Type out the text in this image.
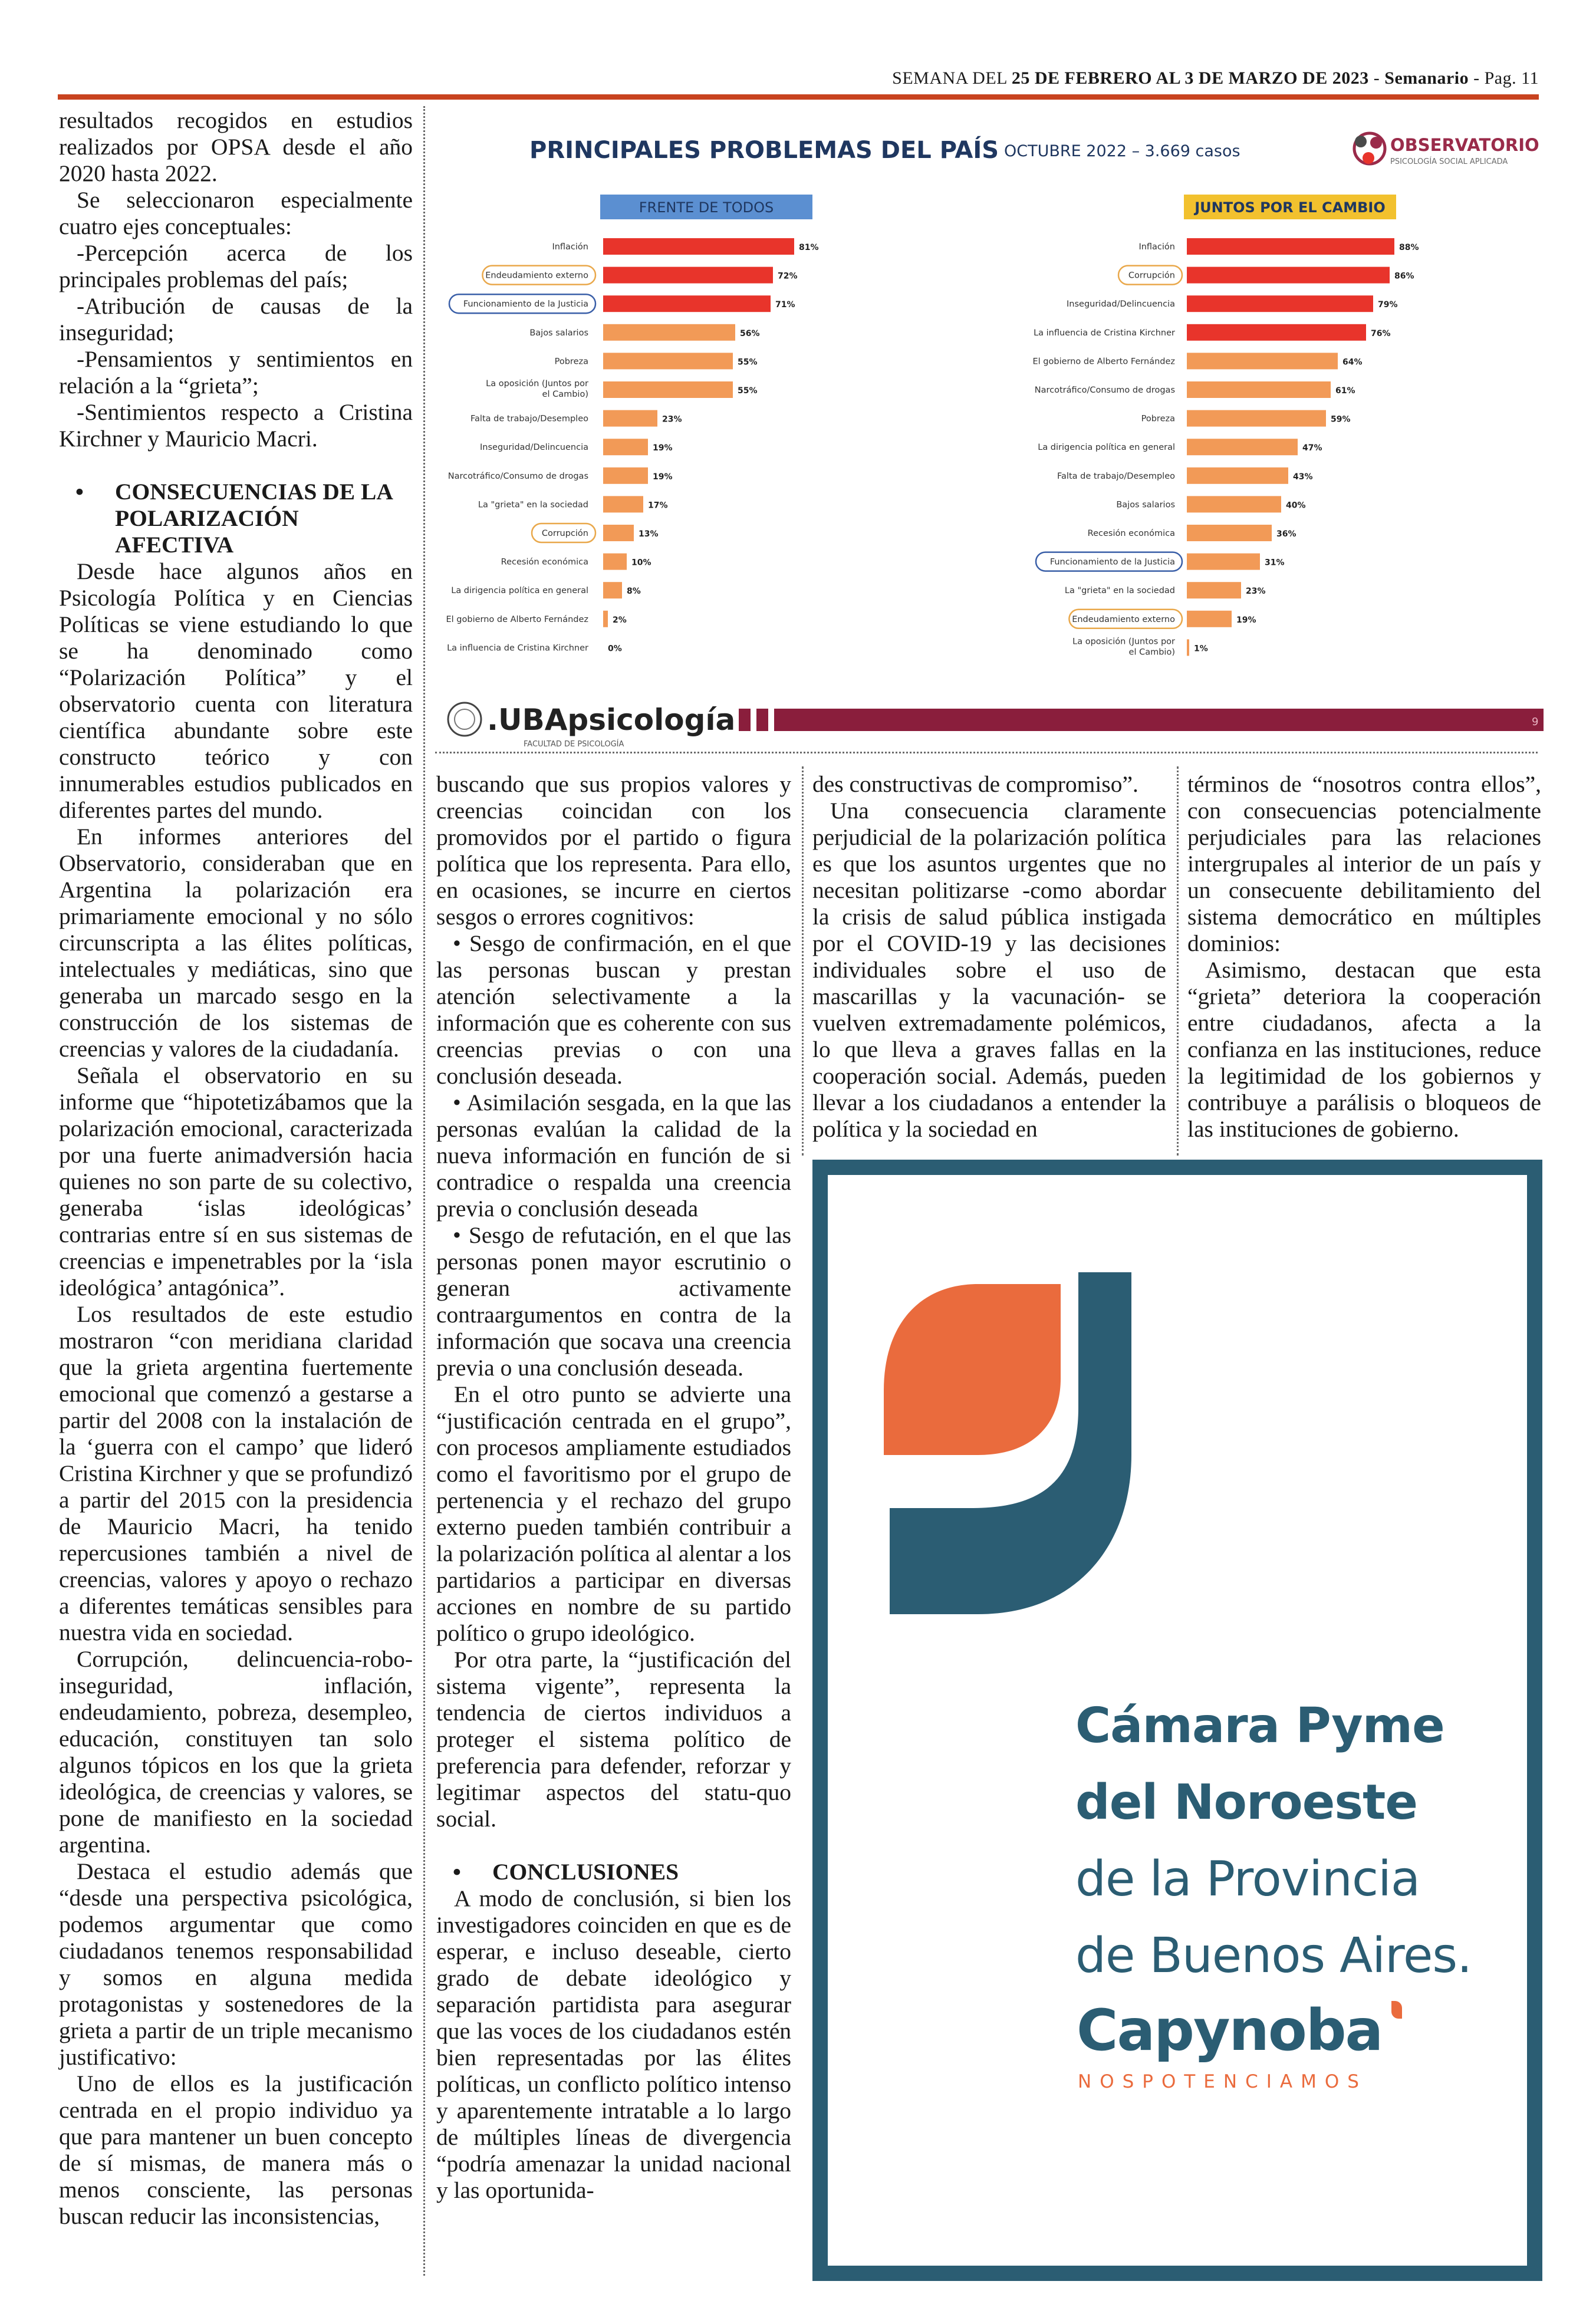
SEMANA DEL 25 DE FEBRERO AL 3 DE MARZO DE 2023 - Semanario - Pag. 11

resultados recogidos en estudios realizados por OPSA desde el año 2020 hasta 2022.

Se seleccionaron especialmente cuatro ejes conceptuales:

-Percepción acerca de los principales problemas del país;

-Atribución de causas de la inseguridad;

-Pensamientos y sentimientos en relación a la “grieta”;

-Sentimientos respecto a Cristina Kirchner y Mauricio Macri.

• CONSECUENCIAS DE LA POLARIZACIÓN AFECTIVA

Desde hace algunos años en Psicología Política y en Ciencias Políticas se viene estudiando lo que se ha denominado como “Polarización Política” y el observatorio cuenta con literatura científica abundante sobre este constructo teórico y con innumerables estudios publicados en diferentes partes del mundo.

En informes anteriores del Observatorio, consideraban que en Argentina la polarización era primariamente emocional y no sólo circunscripta a las élites políticas, intelectuales y mediáticas, sino que generaba un marcado sesgo en la construcción de los sistemas de creencias y valores de la ciudadanía.

Señala el observatorio en su informe que “hipotetizábamos que la polarización emocional, caracterizada por una fuerte animadversión hacia quienes no son parte de su colectivo, generaba ‘islas ideológicas’ contrarias entre sí en sus sistemas de creencias e impenetrables por la ‘isla ideológica’ antagónica”.

Los resultados de este estudio mostraron “con meridiana claridad que la grieta argentina fuertemente emocional que comenzó a gestarse a partir del 2008 con la instalación de la ‘guerra con el campo’ que lideró Cristina Kirchner y que se profundizó a partir del 2015 con la presidencia de Mauricio Macri, ha tenido repercusiones también a nivel de creencias, valores y apoyo o rechazo a diferentes temáticas sensibles para nuestra vida en sociedad.

Corrupción, delincuencia-robo-inseguridad, inflación, endeudamiento, pobreza, desempleo, educación, constituyen tan solo algunos tópicos en los que la grieta ideológica, de creencias y valores, se pone de manifiesto en la sociedad argentina.

Destaca el estudio además que “desde una perspectiva psicológica, podemos argumentar que como ciudadanos tenemos responsabilidad y somos en alguna medida protagonistas y sostenedores de la grieta a partir de un triple mecanismo justificativo:

Uno de ellos es la justificación centrada en el propio individuo ya que para mantener un buen concepto de sí mismas, de manera más o menos consciente, las personas buscan reducir las inconsistencias,

PRINCIPALES PROBLEMAS DEL PAÍS OCTUBRE 2022 – 3.669 casos	OBSERVATORIO
PSICOLOGÍA SOCIAL APLICADA
FRENTE DE TODOS
Inflación	81%
Endeudamiento externo	72%
Funcionamiento de la Justicia	71%
Bajos salarios	56%
Pobreza	55%
La oposición (Juntos por el Cambio)	55%
Falta de trabajo/Desempleo	23%
Inseguridad/Delincuencia	19%
Narcotráfico/Consumo de drogas	19%
La "grieta" en la sociedad	17%
Corrupción	13%
Recesión económica	10%
La dirigencia política en general	8%
El gobierno de Alberto Fernández	2%
La influencia de Cristina Kirchner 0%
JUNTOS POR EL CAMBIO
Inflación	88%
Corrupción	86%
Inseguridad/Delincuencia	79%
La influencia de Cristina Kirchner	76%
El gobierno de Alberto Fernández	64%
Narcotráfico/Consumo de drogas	61%
Pobreza	59%
La dirigencia política en general	47%
Falta de trabajo/Desempleo	43%
Bajos salarios	40%
Recesión económica	36%
Funcionamiento de la Justicia	31%
La "grieta" en la sociedad	23%
Endeudamiento externo	19%
La oposición (Juntos por el Cambio) 1%
.UBApsicología
FACULTAD DE PSICOLOGÍA
9

buscando que sus propios valores y creencias coincidan con los promovidos por el partido o figura política que los representa. Para ello, en ocasiones, se incurre en ciertos sesgos o errores cognitivos:

• Sesgo de confirmación, en el que las personas buscan y prestan atención selectivamente a la información que es coherente con sus creencias previas o con una conclusión deseada.

• Asimilación sesgada, en la que las personas evalúan la calidad de la nueva información en función de si contradice o respalda una creencia previa o conclusión deseada

• Sesgo de refutación, en el que las personas ponen mayor escrutinio o generan activamente contraargumentos en contra de la información que socava una creencia previa o una conclusión deseada.

En el otro punto se advierte una “justificación centrada en el grupo”, con procesos ampliamente estudiados como el favoritismo por el grupo de pertenencia y el rechazo del grupo externo pueden también contribuir a la polarización política al alentar a los partidarios a participar en diversas acciones en nombre de su partido político o grupo ideológico.

Por otra parte, la “justificación del sistema vigente”, representa la tendencia de ciertos individuos a proteger el sistema político de preferencia para defender, reforzar y legitimar aspectos del statu-quo social.

• CONCLUSIONES

A modo de conclusión, si bien los investigadores coinciden en que es de esperar, e incluso deseable, cierto grado de debate ideológico y separación partidista para asegurar que las voces de los ciudadanos estén bien representadas por las élites políticas, un conflicto político intenso y aparentemente intratable a lo largo de múltiples líneas de divergencia “podría amenazar la unidad nacional y las oportunida-

des constructivas de compromiso”.

Una consecuencia claramente perjudicial de la polarización política es que los asuntos urgentes que no necesitan politizarse -como abordar la crisis de salud pública instigada por el COVID-19 y las decisiones individuales sobre el uso de mascarillas y la vacunación- se vuelven extremadamente polémicos, lo que lleva a graves fallas en la cooperación social. Además, pueden llevar a los ciudadanos a entender la política y la sociedad en

términos de “nosotros contra ellos”, con consecuencias potencialmente perjudiciales para las relaciones intergrupales al interior de un país y un consecuente debilitamiento del sistema democrático en múltiples dominios:

Asimismo, destacan que esta “grieta” deteriora la cooperación entre ciudadanos, afecta a la confianza en las instituciones, reduce la legitimidad de los gobiernos y contribuye a parálisis o bloqueos de las instituciones de gobierno.

Cámara Pyme
del Noroeste
de la Provincia
de Buenos Aires.
Capynoba
NOSPOTENCIAMOS
